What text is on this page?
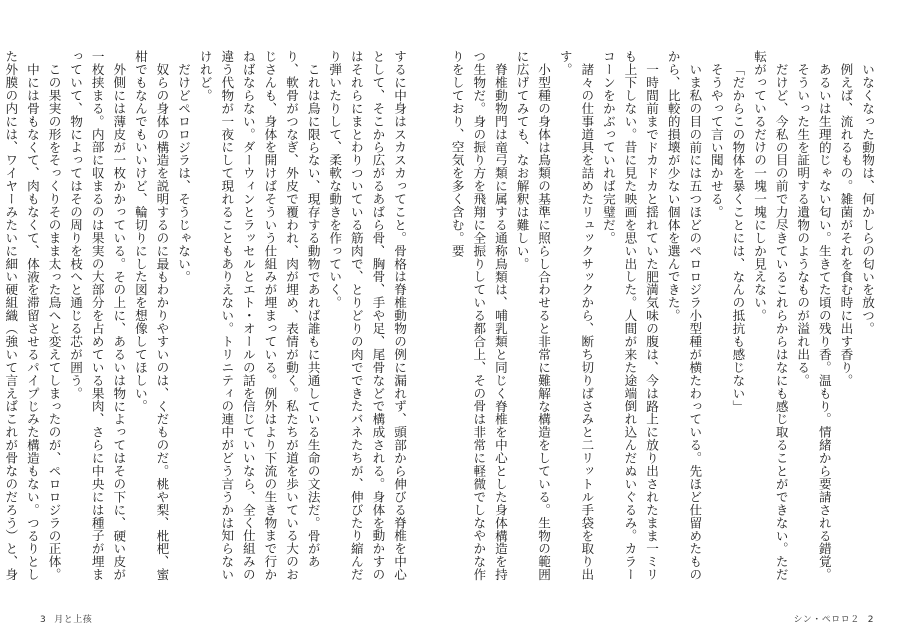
いなくなった動物は、何かしらの匂いを放つ。

例えば、流れるもの。雑菌がそれを食む時に出す香り。

あるいは生理的じゃない匂い。生きてた頃の残り香。温もり。情緒から要請される錯覚。

そういった生を証明する遺物のようなものが溢れ出る。

だけど、今私の目の前で力尽きているこれらからはなにも感じ取ることができない。ただ転がっているだけの一塊一塊にしか見えない。

「だからこの物体を暴くことには、なんの抵抗も感じない」

そうやって言い聞かせる。

いま私の目の前には五つほどのペロロジラ小型種が横たわっている。先ほど仕留めたものから、比較的損壊が少ない個体を選んできた。

一時間前までドカドカと揺れていた肥満気味の腹は、今は路上に放り出されたまま一ミリも上下しない。昔に見た映画を思い出した。人間が来た途端倒れ込んだぬいぐるみ。カラーコーンをかぶっていれば完璧だ。

諸々の仕事道具を詰めたリュックサックから、断ち切りばさみと二リットル手袋を取り出す。

小型種の身体は鳥類の基準に照らし合わせると非常に難解な構造をしている。生物の範囲に広げてみても、なお解釈は難しい。

脊椎動物門は竜弓類に属する通称鳥類は、哺乳類と同じく脊椎を中心とした身体構造を持つ生物だ。身の振り方を飛翔に全振りしている都合上、その骨は非常に軽微でしなやかな作りをしており、空気を多く含む。要

シン・ペロロ２ 2

するに中身はスカスカってこと。骨格は脊椎動物の例に漏れず、頭部から伸びる脊椎を中心として、そこから広がるあばら骨、胸骨、手や足、尾骨などで構成される。身体を動かすのはそれらにまとわりついている筋肉で、とりどりの肉でできたバネたちが、伸びたり縮んだり弾いたりして、柔軟な動きを作っていく。

これは鳥に限らない、現存する動物であれば誰もに共通している生命の文法だ。骨があり、軟骨がつなぎ、外皮で覆われ、肉が埋め、表情が動く。私たちが道を歩いている大のおじさんも、身体を開けばそういう仕組みが埋まっている。例外はより下流の生き物まで行かねばならない。ダーウィンとラッセルとエト・オールの話を信じていいなら、全く仕組みの違う代物が一夜にして現れることもありえない。トリニティの連中がどう言うかは知らないけれど。

だけどペロロジラは、そうじゃない。

奴らの身体の構造を説明するのに最もわかりやすいのは、くだものだ。桃や梨、枇杷、蜜柑でもなんでもいいけど、輪切りにした図を想像してほしい。

外側には薄皮が一枚かかっている。その上に、あるいは物によってはその下に、硬い皮が一枚挟まる。内部に収まるのは果実の大部分を占めている果肉、さらに中央には種子が埋まっていて、物によってはその周りを枝へと通じる芯が囲う。

この果実の形をそっくりそのまま太った鳥へと変えてしまったのが、ペロロジラの正体。

中には骨もなくて、肉もなくて、体液を滞留させるパイプじみた構造もない。つるりとした外膜の内には、ワイヤーみたいに細い硬組織（強いて言えばこれが骨なのだろう）と、身

3 月と上孩
